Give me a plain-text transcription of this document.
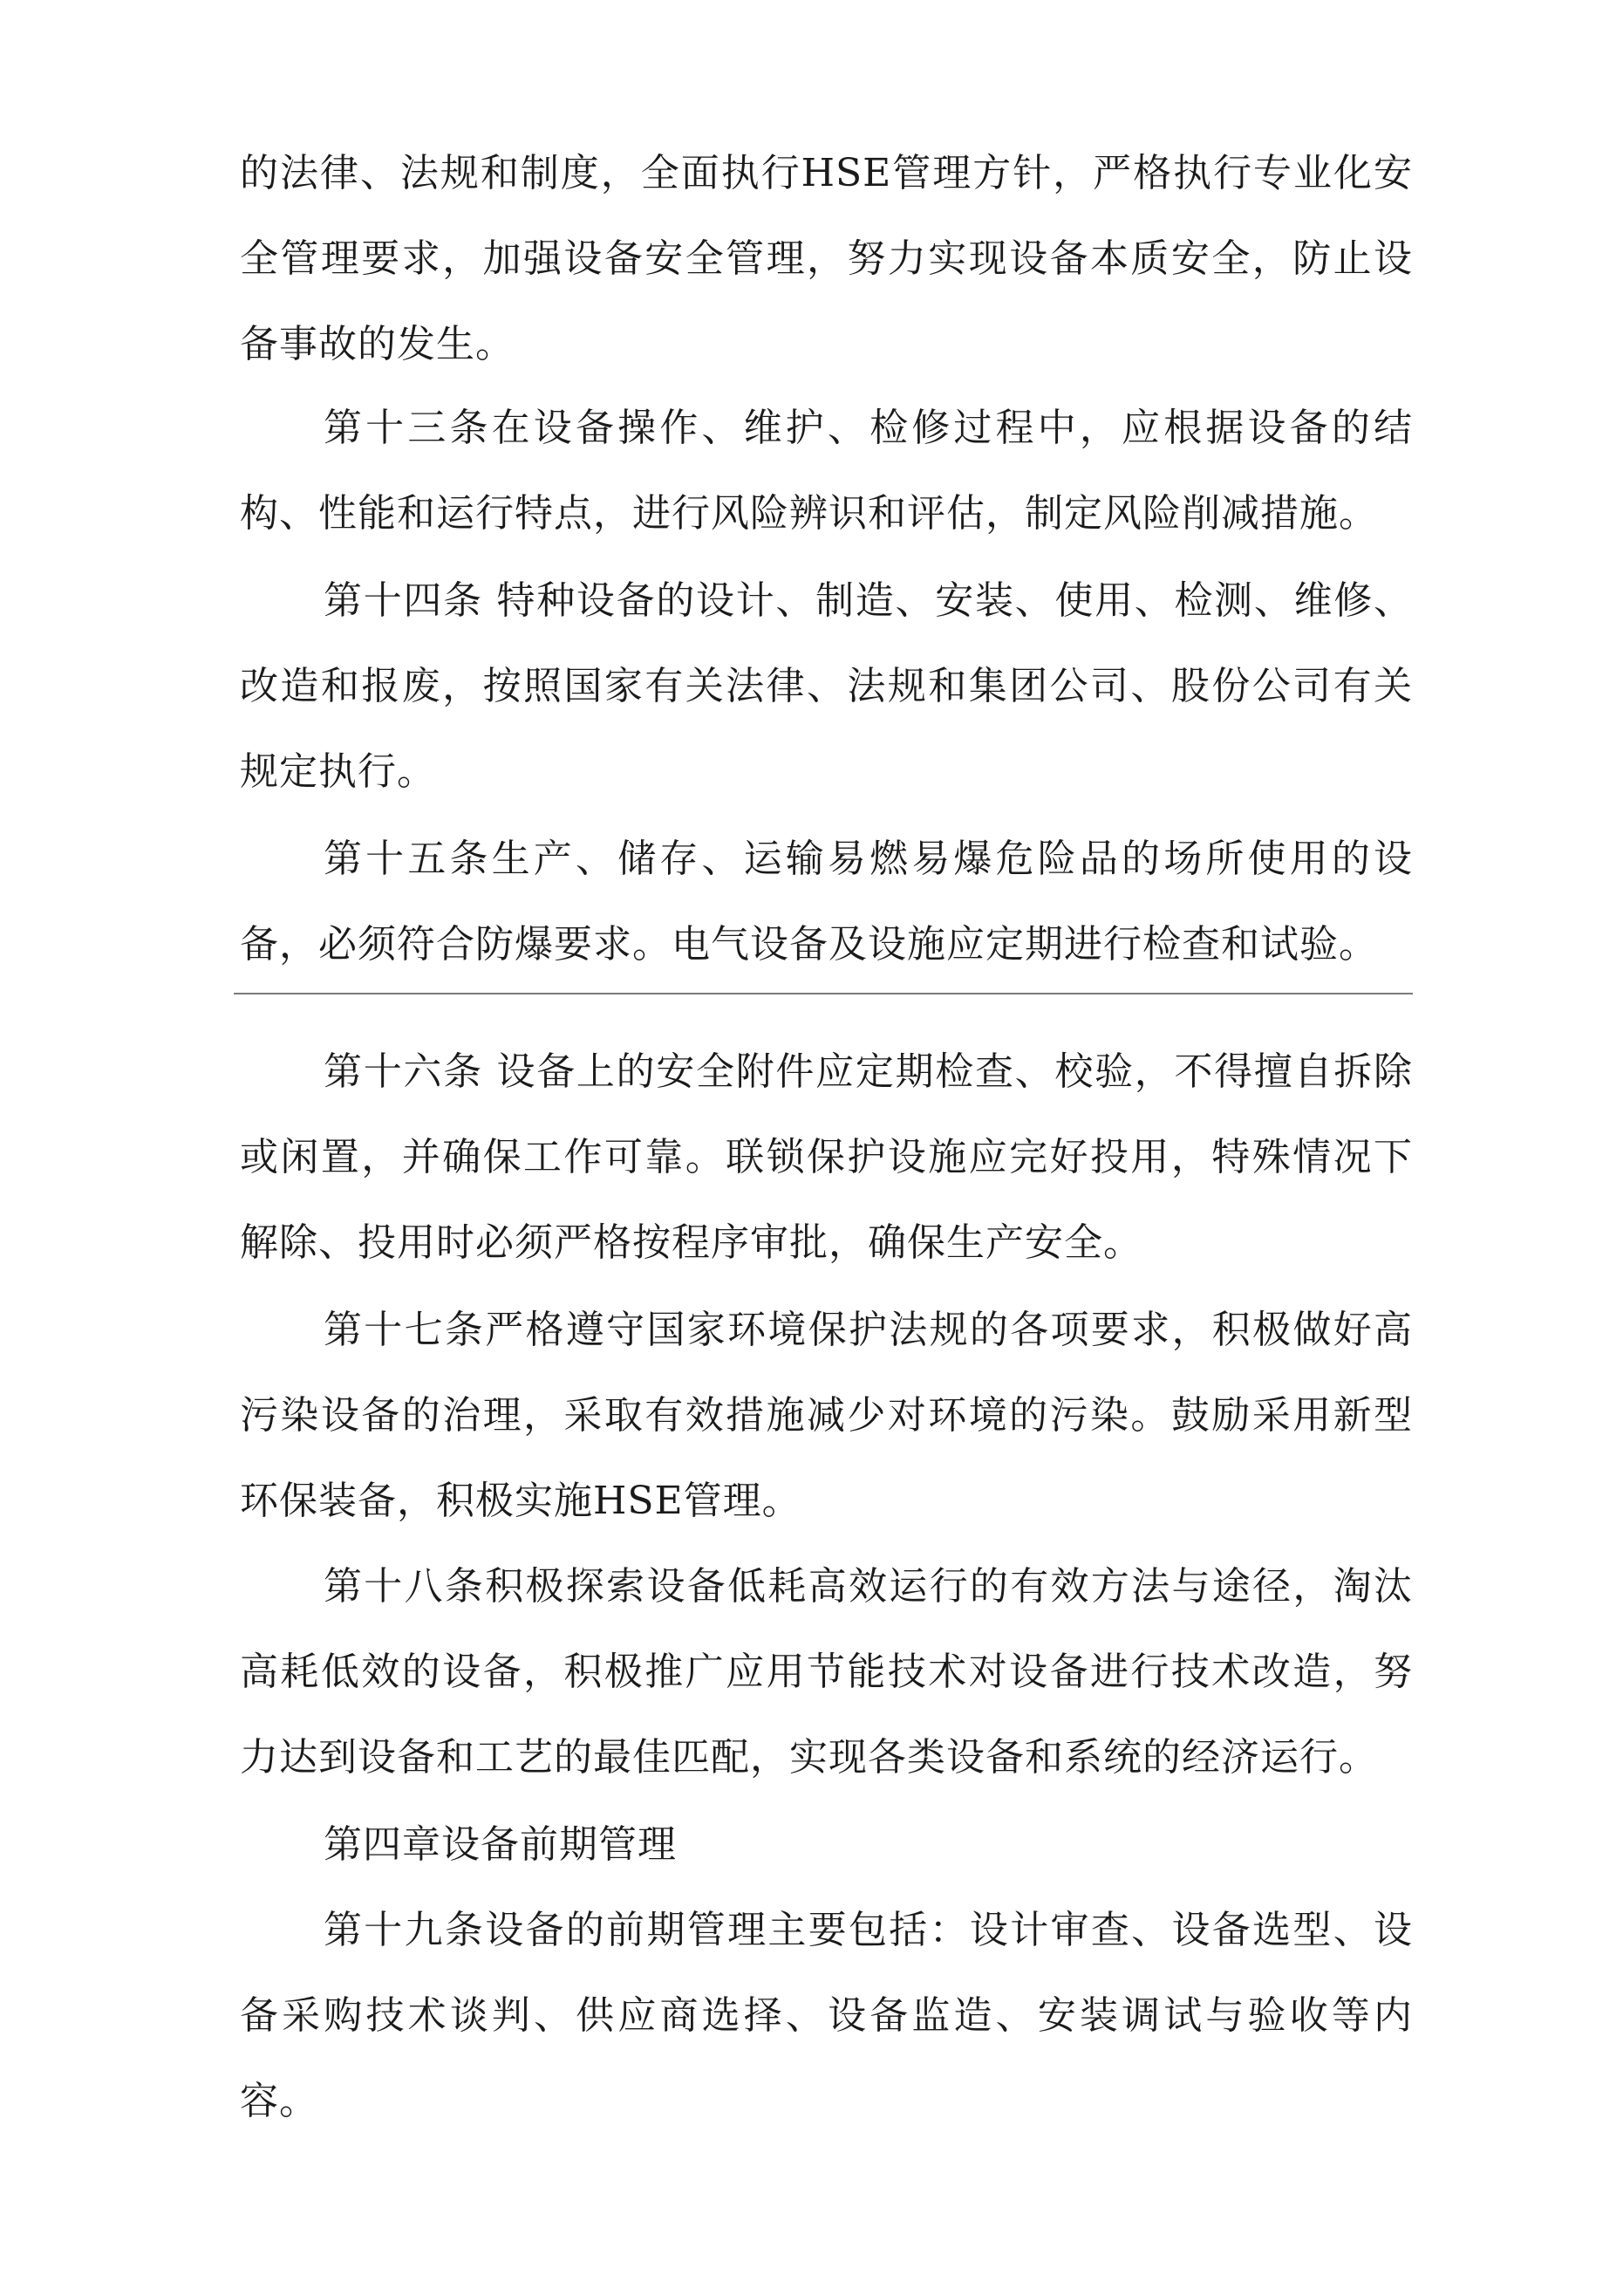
的法律、法规和制度，全面执行HSE管理方针，严格执行专业化安全管理要求，加强设备安全管理，努力实现设备本质安全，防止设备事故的发生。

第十三条在设备操作、维护、检修过程中，应根据设备的结构、性能和运行特点，进行风险辨识和评估，制定风险削减措施。

第十四条 特种设备的设计、制造、安装、使用、检测、维修、改造和报废，按照国家有关法律、法规和集团公司、股份公司有关规定执行。

第十五条生产、储存、运输易燃易爆危险品的场所使用的设备，必须符合防爆要求。电气设备及设施应定期进行检查和试验。

第十六条 设备上的安全附件应定期检查、校验，不得擅自拆除或闲置，并确保工作可靠。联锁保护设施应完好投用，特殊情况下解除、投用时必须严格按程序审批，确保生产安全。

第十七条严格遵守国家环境保护法规的各项要求，积极做好高污染设备的治理，采取有效措施减少对环境的污染。鼓励采用新型环保装备，积极实施HSE管理。

第十八条积极探索设备低耗高效运行的有效方法与途径，淘汰高耗低效的设备，积极推广应用节能技术对设备进行技术改造，努力达到设备和工艺的最佳匹配，实现各类设备和系统的经济运行。

第四章设备前期管理

第十九条设备的前期管理主要包括：设计审查、设备选型、设备采购技术谈判、供应商选择、设备监造、安装调试与验收等内容。
